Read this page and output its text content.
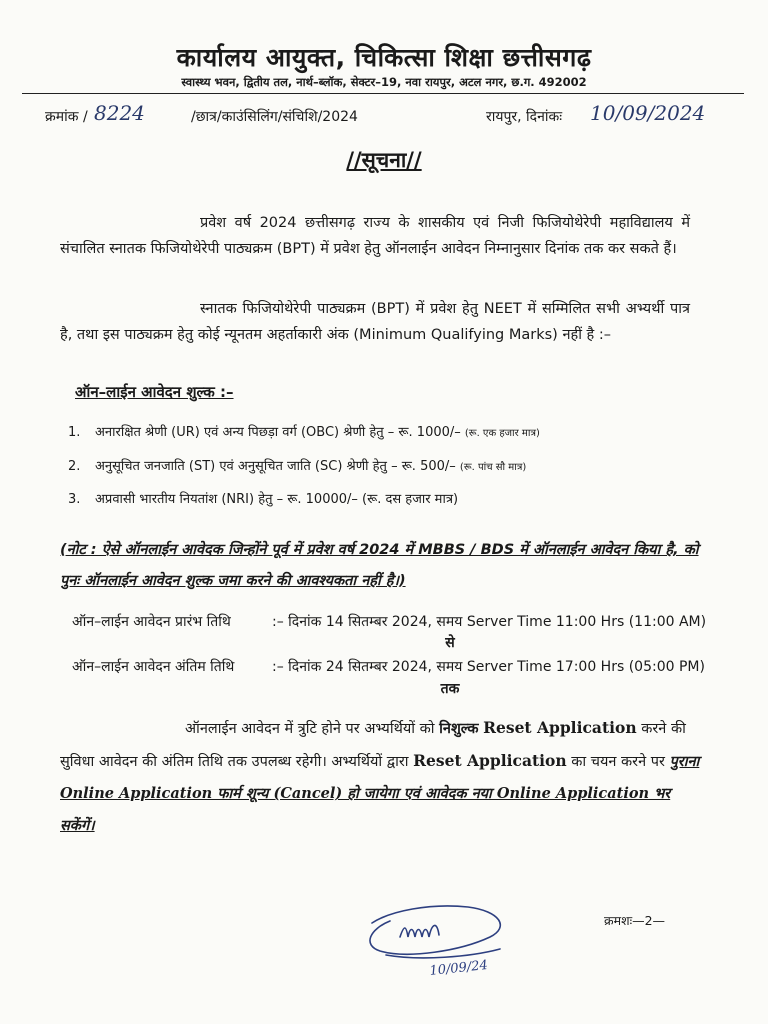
कार्यालय आयुक्त, चिकित्सा शिक्षा छत्तीसगढ़
स्वास्थ्य भवन, द्वितीय तल, नार्थ–ब्लॉक, सेक्टर–19, नवा रायपुर, अटल नगर, छ.ग. 492002
क्रमांक / 8224	/छात्र/काउंसिलिंग/संचिशि/2024	रायपुर, दिनांकः 10/09/2024
//सूचना//
प्रवेश वर्ष 2024 छत्तीसगढ़ राज्य के शासकीय एवं निजी फिजियोथेरेपी महाविद्यालय में संचालित स्नातक फिजियोथेरेपी पाठ्यक्रम (BPT) में प्रवेश हेतु ऑनलाईन आवेदन निम्नानुसार दिनांक तक कर सकते हैं।
स्नातक फिजियोथेरेपी पाठ्यक्रम (BPT) में प्रवेश हेतु NEET में सम्मिलित सभी अभ्यर्थी पात्र है, तथा इस पाठ्यक्रम हेतु कोई न्यूनतम अहर्ताकारी अंक (Minimum Qualifying Marks) नहीं है :–
ऑन–लाईन आवेदन शुल्क :–
1. अनारक्षित श्रेणी (UR) एवं अन्य पिछड़ा वर्ग (OBC) श्रेणी हेतु – रू. 1000/– (रू. एक हजार मात्र)
2. अनुसूचित जनजाति (ST) एवं अनुसूचित जाति (SC) श्रेणी हेतु – रू. 500/– (रू. पांच सौ मात्र)
3. अप्रवासी भारतीय नियतांश (NRI) हेतु – रू. 10000/– (रू. दस हजार मात्र)
(नोट : ऐसे ऑनलाईन आवेदक जिन्होंने पूर्व में प्रवेश वर्ष 2024 में MBBS / BDS में ऑनलाईन आवेदन किया है, को पुनः ऑनलाईन आवेदन शुल्क जमा करने की आवश्यकता नहीं है।)
ऑन–लाईन आवेदन प्रारंभ तिथि	:– दिनांक 14 सितम्बर 2024, समय Server Time 11:00 Hrs (11:00 AM)
से
ऑन–लाईन आवेदन अंतिम तिथि	:– दिनांक 24 सितम्बर 2024, समय Server Time 17:00 Hrs (05:00 PM)
तक
ऑनलाईन आवेदन में त्रुटि होने पर अभ्यर्थियों को निशुल्क Reset Application करने की सुविधा आवेदन की अंतिम तिथि तक उपलब्ध रहेगी। अभ्यर्थियों द्वारा Reset Application का चयन करने पर पुराना Online Application फार्म शून्य (Cancel) हो जायेगा एवं आवेदक नया Online Application भर सकेंगें।
10/09/24
क्रमशः—2—
